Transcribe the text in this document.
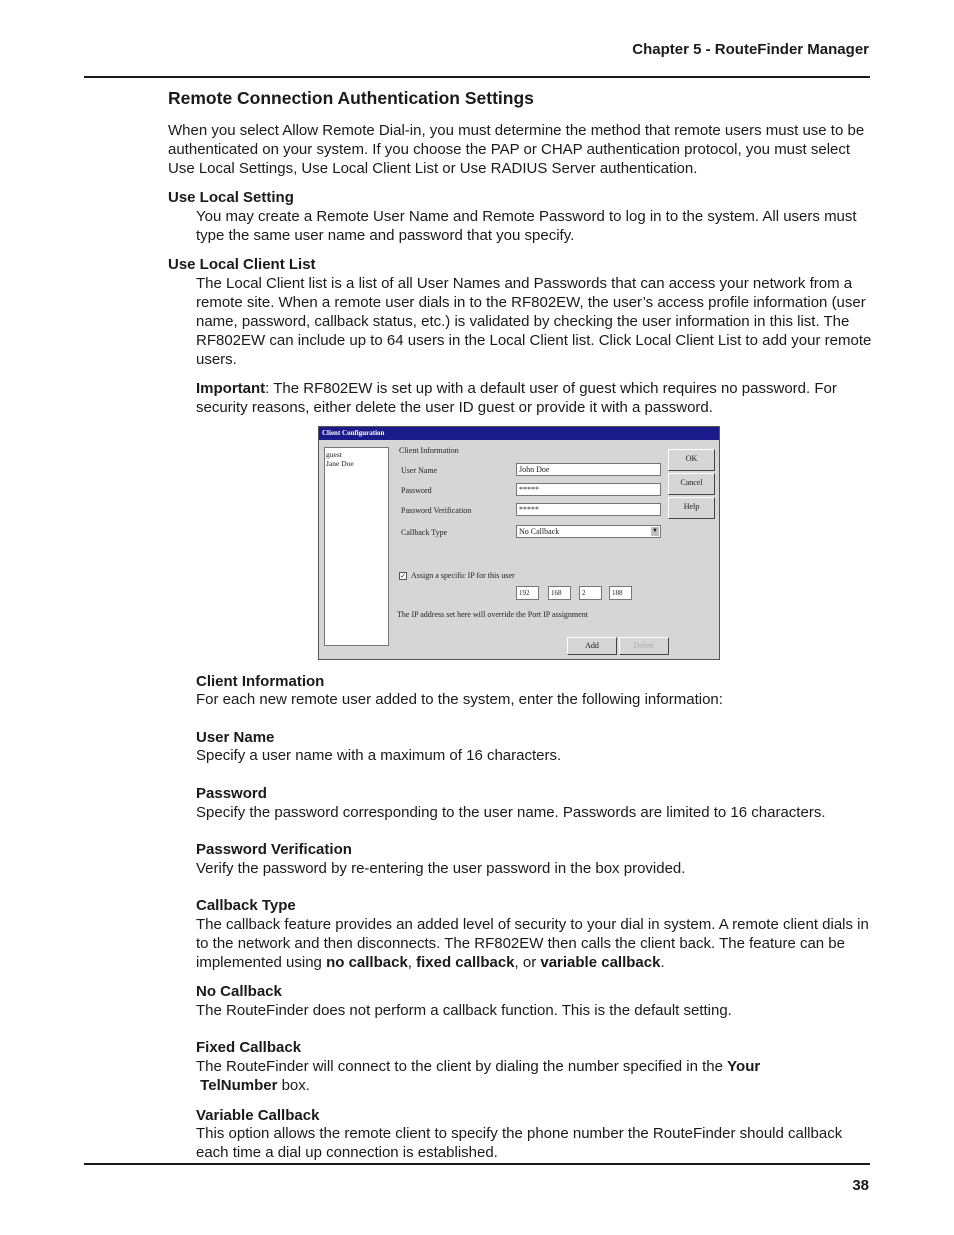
Chapter 5 - RouteFinder Manager
Remote Connection Authentication Settings
When you select Allow Remote Dial-in, you must determine the method that remote users must use to be authenticated on your system. If you choose the PAP or CHAP authentication protocol, you must select Use Local Settings, Use Local Client List or Use RADIUS Server authentication.
Use Local Setting
You may create a Remote User Name and Remote Password to log in to the system. All users must type the same user name and password that you specify.
Use Local Client List
The Local Client list is a list of all User Names and Passwords that can access your network from a remote site. When a remote user dials in to the RF802EW, the user’s access profile information (user name, password, callback status, etc.) is validated by checking the user information in this list. The RF802EW can include up to 64 users in the Local Client list. Click Local Client List to add your remote users.
Important: The RF802EW is set up with a default user of guest which requires no password. For security reasons, either delete the user ID guest or provide it with a password.
Client Configuration
guest
Jane Doe
Client Information
User Name	John Doe
Password	*****
Password Verification	*****
Callback Type	No Callback	▼
✓ Assign a specific IP for this user
192	168	2	188
The IP address set here will override the Port IP assignment
OK
Cancel
Help
Add	Delete
Client Information
For each new remote user added to the system, enter the following information:
User Name
Specify a user name with a maximum of 16 characters.
Password
Specify the password corresponding to the user name. Passwords are limited to 16 characters.
Password Verification
Verify the password by re-entering the user password in the box provided.
Callback Type
The callback feature provides an added level of security to your dial in system. A remote client dials in to the network and then disconnects. The RF802EW then calls the client back. The feature can be implemented using no callback, fixed callback, or variable callback.
No Callback
The RouteFinder does not perform a callback function. This is the default setting.
Fixed Callback
The RouteFinder will connect to the client by dialing the number specified in the Your
TelNumber box.
Variable Callback
This option allows the remote client to specify the phone number the RouteFinder should callback each time a dial up connection is established.
38
